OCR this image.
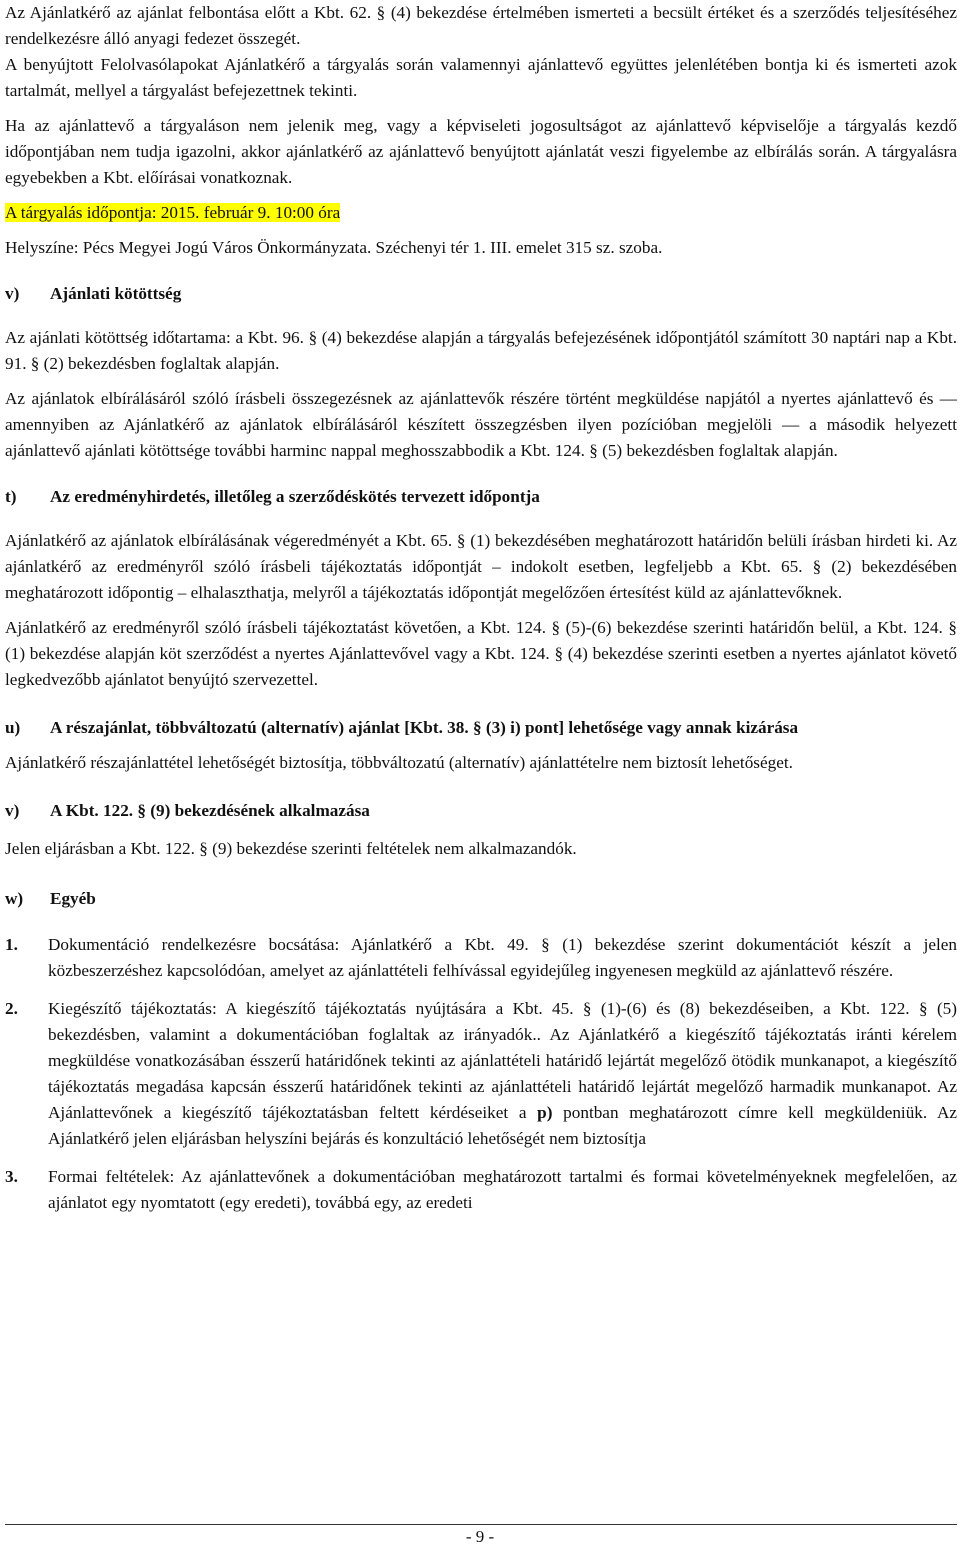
Az Ajánlatkérő az ajánlat felbontása előtt a Kbt. 62. § (4) bekezdése értelmében ismerteti a becsült értéket és a szerződés teljesítéséhez rendelkezésre álló anyagi fedezet összegét.

A benyújtott Felolvasólapokat Ajánlatkérő a tárgyalás során valamennyi ajánlattevő együttes jelenlétében bontja ki és ismerteti azok tartalmát, mellyel a tárgyalást befejezettnek tekinti.

Ha az ajánlattevő a tárgyaláson nem jelenik meg, vagy a képviseleti jogosultságot az ajánlattevő képviselője a tárgyalás kezdő időpontjában nem tudja igazolni, akkor ajánlatkérő az ajánlattevő benyújtott ajánlatát veszi figyelembe az elbírálás során. A tárgyalásra egyebekben a Kbt. előírásai vonatkoznak.

A tárgyalás időpontja: 2015. február 9. 10:00 óra

Helyszíne: Pécs Megyei Jogú Város Önkormányzata. Széchenyi tér 1. III. emelet 315 sz. szoba.

v)	Ajánlati kötöttség

Az ajánlati kötöttség időtartama: a Kbt. 96. § (4) bekezdése alapján a tárgyalás befejezésének időpontjától számított 30 naptári nap a Kbt. 91. § (2) bekezdésben foglaltak alapján.

Az ajánlatok elbírálásáról szóló írásbeli összegezésnek az ajánlattevők részére történt megküldése napjától a nyertes ajánlattevő és — amennyiben az Ajánlatkérő az ajánlatok elbírálásáról készített összegzésben ilyen pozícióban megjelöli — a második helyezett ajánlattevő ajánlati kötöttsége további harminc nappal meghosszabbodik a Kbt. 124. § (5) bekezdésben foglaltak alapján.

t)	Az eredményhirdetés, illetőleg a szerződéskötés tervezett időpontja

Ajánlatkérő az ajánlatok elbírálásának végeredményét a Kbt. 65. § (1) bekezdésében meghatározott határidőn belüli írásban hirdeti ki. Az ajánlatkérő az eredményről szóló írásbeli tájékoztatás időpontját – indokolt esetben, legfeljebb a Kbt. 65. § (2) bekezdésében meghatározott időpontig – elhalaszthatja, melyről a tájékoztatás időpontját megelőzően értesítést küld az ajánlattevőknek.

Ajánlatkérő az eredményről szóló írásbeli tájékoztatást követően, a Kbt. 124. § (5)-(6) bekezdése szerinti határidőn belül, a Kbt. 124. § (1) bekezdése alapján köt szerződést a nyertes Ajánlattevővel vagy a Kbt. 124. § (4) bekezdése szerinti esetben a nyertes ajánlatot követő legkedvezőbb ajánlatot benyújtó szervezettel.

u) A részajánlat, többváltozatú (alternatív) ajánlat [Kbt. 38. § (3) i) pont] lehetősége vagy annak kizárása

Ajánlatkérő részajánlattétel lehetőségét biztosítja, többváltozatú (alternatív) ajánlattételre nem biztosít lehetőséget.

v)	A Kbt. 122. § (9) bekezdésének alkalmazása

Jelen eljárásban a Kbt. 122. § (9) bekezdése szerinti feltételek nem alkalmazandók.

w)	Egyéb
1.	Dokumentáció rendelkezésre bocsátása: Ajánlatkérő a Kbt. 49. § (1) bekezdése szerint dokumentációt készít a jelen közbeszerzéshez kapcsolódóan, amelyet az ajánlattételi felhívással egyidejűleg ingyenesen megküld az ajánlattevő részére.
2.	Kiegészítő tájékoztatás: A kiegészítő tájékoztatás nyújtására a Kbt. 45. § (1)-(6) és (8) bekezdéseiben, a Kbt. 122. § (5) bekezdésben, valamint a dokumentációban foglaltak az irányadók.. Az Ajánlatkérő a kiegészítő tájékoztatás iránti kérelem megküldése vonatkozásában ésszerű határidőnek tekinti az ajánlattételi határidő lejártát megelőző ötödik munkanapot, a kiegészítő tájékoztatás megadása kapcsán ésszerű határidőnek tekinti az ajánlattételi határidő lejártát megelőző harmadik munkanapot. Az Ajánlattevőnek a kiegészítő tájékoztatásban feltett kérdéseiket a p) pontban meghatározott címre kell megküldeniük. Az Ajánlatkérő jelen eljárásban helyszíni bejárás és konzultáció lehetőségét nem biztosítja
3.	Formai feltételek: Az ajánlattevőnek a dokumentációban meghatározott tartalmi és formai követelményeknek megfelelően, az ajánlatot egy nyomtatott (egy eredeti), továbbá egy, az eredeti
- 9 -
